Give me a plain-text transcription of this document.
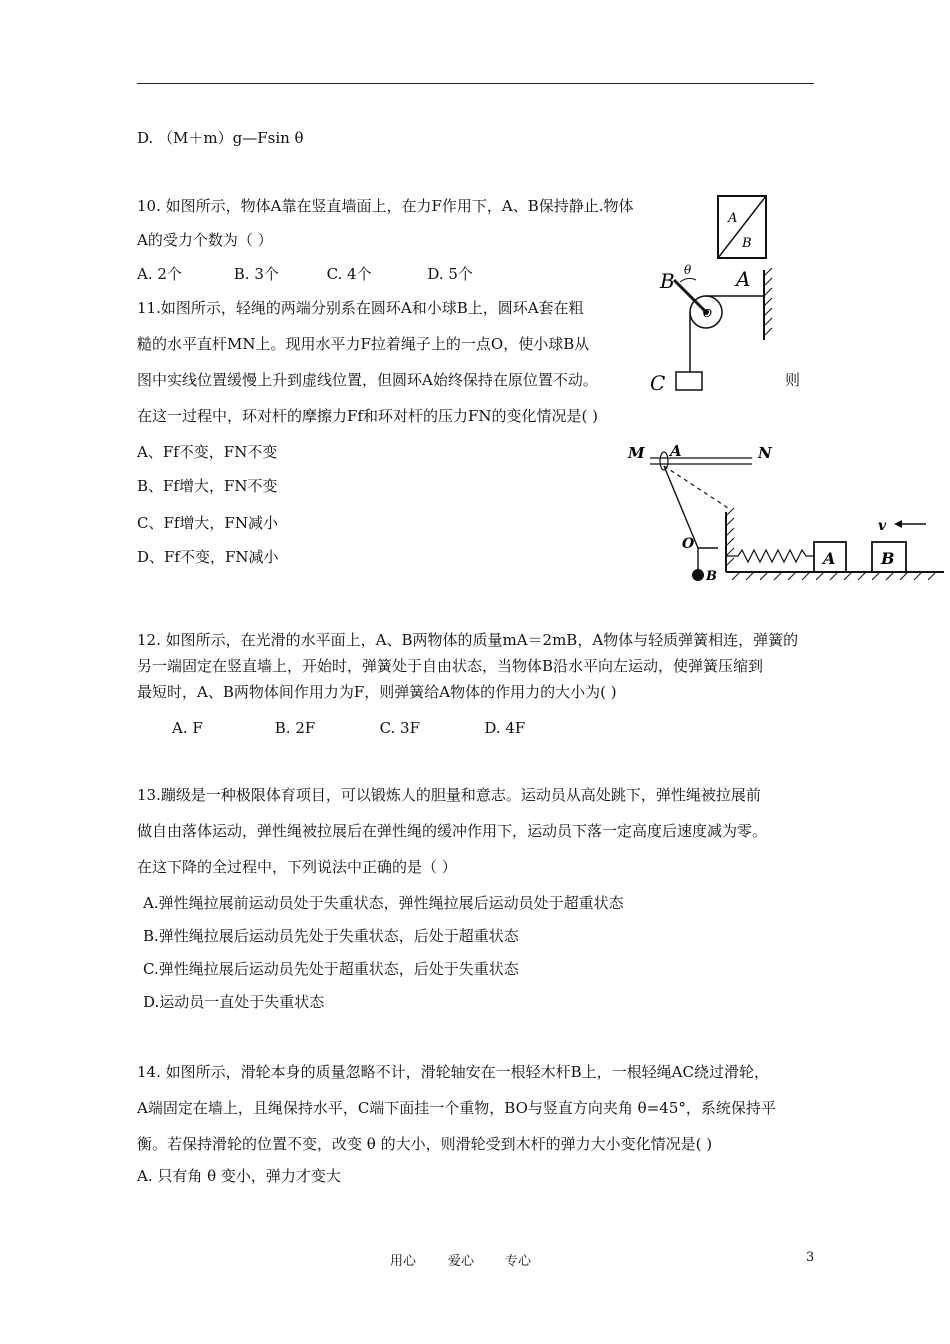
D. （M＋m）g—Fsin θ
10. 如图所示，物体A靠在竖直墙面上，在力F作用下，A、B保持静止.物体
A的受力个数为（ ）
A. 2个	B. 3个	C. 4个	D. 5个
A
B
11.如图所示，轻绳的两端分别系在圆环A和小球B上，圆环A套在粗
糙的水平直杆MN上。现用水平力F拉着绳子上的一点O，使小球B从
图中实线位置缓慢上升到虚线位置，但圆环A始终保持在原位置不动。	则
在这一过程中，环对杆的摩擦力Ff和环对杆的压力FN的变化情况是( )
A、Ff不变，FN不变
B、Ff增大，FN不变
C、Ff增大，FN减小
D、Ff不变，FN减小
B θ A
O
C
M A	N
O
B
A	B
v
12. 如图所示，在光滑的水平面上，A、B两物体的质量mA＝2mB，A物体与轻质弹簧相连，弹簧的
另一端固定在竖直墙上，开始时，弹簧处于自由状态，当物体B沿水平向左运动，使弹簧压缩到
最短时，A、B两物体间作用力为F，则弹簧给A物体的作用力的大小为( )
A. F	B. 2F	C. 3F	D. 4F
13.蹦级是一种极限体育项目，可以锻炼人的胆量和意志。运动员从高处跳下，弹性绳被拉展前
做自由落体运动，弹性绳被拉展后在弹性绳的缓冲作用下，运动员下落一定高度后速度减为零。
在这下降的全过程中，下列说法中正确的是（ ）
A.弹性绳拉展前运动员处于失重状态，弹性绳拉展后运动员处于超重状态
B.弹性绳拉展后运动员先处于失重状态，后处于超重状态
C.弹性绳拉展后运动员先处于超重状态，后处于失重状态
D.运动员一直处于失重状态
14. 如图所示，滑轮本身的质量忽略不计，滑轮轴安在一根轻木杆B上，一根轻绳AC绕过滑轮，
A端固定在墙上，且绳保持水平，C端下面挂一个重物，BO与竖直方向夹角 θ=45°，系统保持平
衡。若保持滑轮的位置不变，改变 θ 的大小，则滑轮受到木杆的弹力大小变化情况是( )
A. 只有角 θ 变小，弹力才变大
用心 爱心 专心	3
